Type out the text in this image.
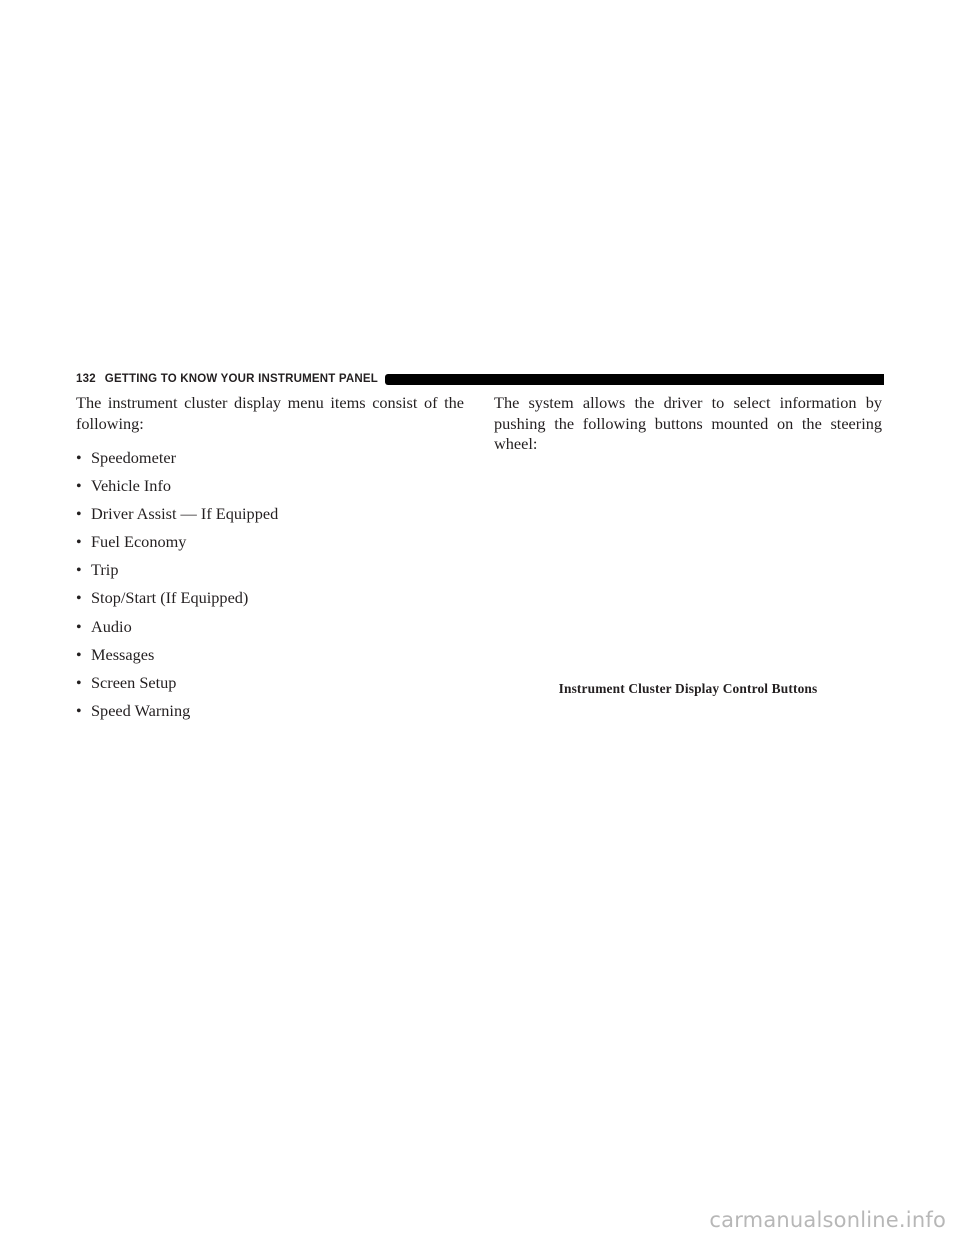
132 GETTING TO KNOW YOUR INSTRUMENT PANEL

The instrument cluster display menu items consist of the following:

• Speedometer
• Vehicle Info
• Driver Assist — If Equipped
• Fuel Economy
• Trip
• Stop/Start (If Equipped)
• Audio
• Messages
• Screen Setup
• Speed Warning

The system allows the driver to select information by pushing the following buttons mounted on the steering wheel:

Instrument Cluster Display Control Buttons
carmanualsonline.info
